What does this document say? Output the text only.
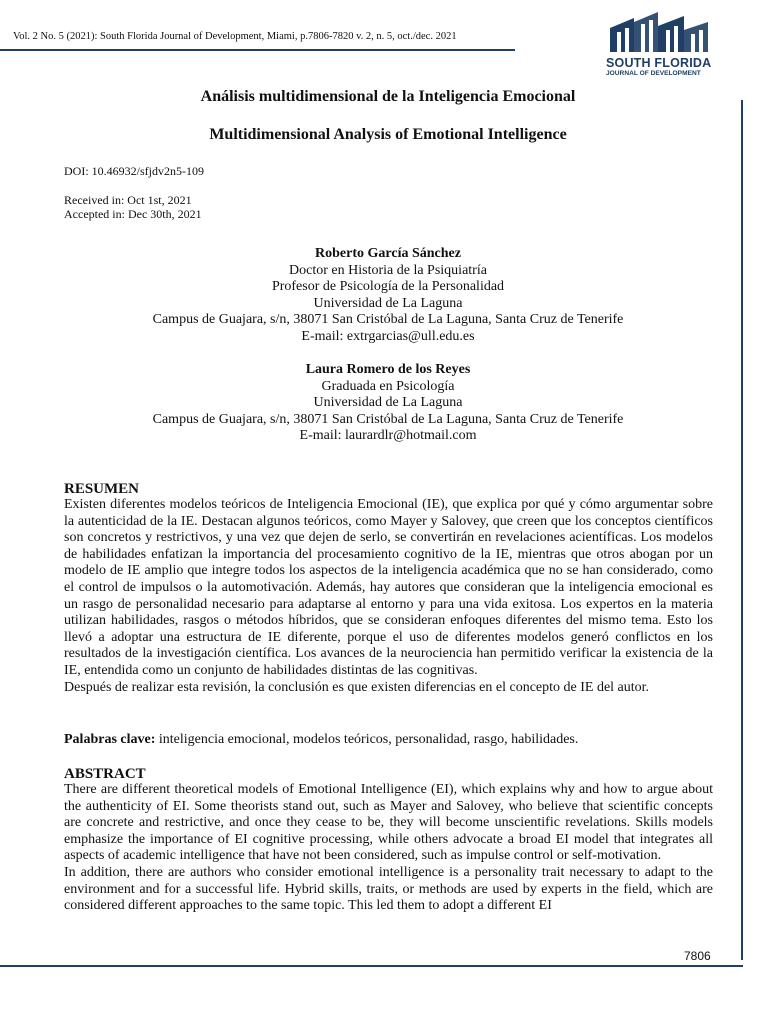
Vol. 2 No. 5 (2021): South Florida Journal of Development, Miami, p.7806-7820 v. 2, n. 5, oct./dec. 2021
SOUTH FLORIDA
JOURNAL OF DEVELOPMENT
Análisis multidimensional de la Inteligencia Emocional
Multidimensional Analysis of Emotional Intelligence
DOI: 10.46932/sfjdv2n5-109
Received in: Oct 1st, 2021
Accepted in: Dec 30th, 2021
Roberto García Sánchez
Doctor en Historia de la Psiquiatría
Profesor de Psicología de la Personalidad
Universidad de La Laguna
Campus de Guajara, s/n, 38071 San Cristóbal de La Laguna, Santa Cruz de Tenerife
E-mail: extrgarcias@ull.edu.es
Laura Romero de los Reyes
Graduada en Psicología
Universidad de La Laguna
Campus de Guajara, s/n, 38071 San Cristóbal de La Laguna, Santa Cruz de Tenerife
E-mail: laurardlr@hotmail.com
RESUMEN

Existen diferentes modelos teóricos de Inteligencia Emocional (IE), que explica por qué y cómo argumentar sobre la autenticidad de la IE. Destacan algunos teóricos, como Mayer y Salovey, que creen que los conceptos científicos son concretos y restrictivos, y una vez que dejen de serlo, se convertirán en revelaciones acientíficas. Los modelos de habilidades enfatizan la importancia del procesamiento cognitivo de la IE, mientras que otros abogan por un modelo de IE amplio que integre todos los aspectos de la inteligencia académica que no se han considerado, como el control de impulsos o la automotivación. Además, hay autores que consideran que la inteligencia emocional es un rasgo de personalidad necesario para adaptarse al entorno y para una vida exitosa. Los expertos en la materia utilizan habilidades, rasgos o métodos híbridos, que se consideran enfoques diferentes del mismo tema. Esto los llevó a adoptar una estructura de IE diferente, porque el uso de diferentes modelos generó conflictos en los resultados de la investigación científica. Los avances de la neurociencia han permitido verificar la existencia de la IE, entendida como un conjunto de habilidades distintas de las cognitivas.

Después de realizar esta revisión, la conclusión es que existen diferencias en el concepto de IE del autor.

Palabras clave: inteligencia emocional, modelos teóricos, personalidad, rasgo, habilidades.
ABSTRACT

There are different theoretical models of Emotional Intelligence (EI), which explains why and how to argue about the authenticity of EI. Some theorists stand out, such as Mayer and Salovey, who believe that scientific concepts are concrete and restrictive, and once they cease to be, they will become unscientific revelations. Skills models emphasize the importance of EI cognitive processing, while others advocate a broad EI model that integrates all aspects of academic intelligence that have not been considered, such as impulse control or self-motivation.

In addition, there are authors who consider emotional intelligence is a personality trait necessary to adapt to the environment and for a successful life. Hybrid skills, traits, or methods are used by experts in the field, which are considered different approaches to the same topic. This led them to adopt a different EI

7806
